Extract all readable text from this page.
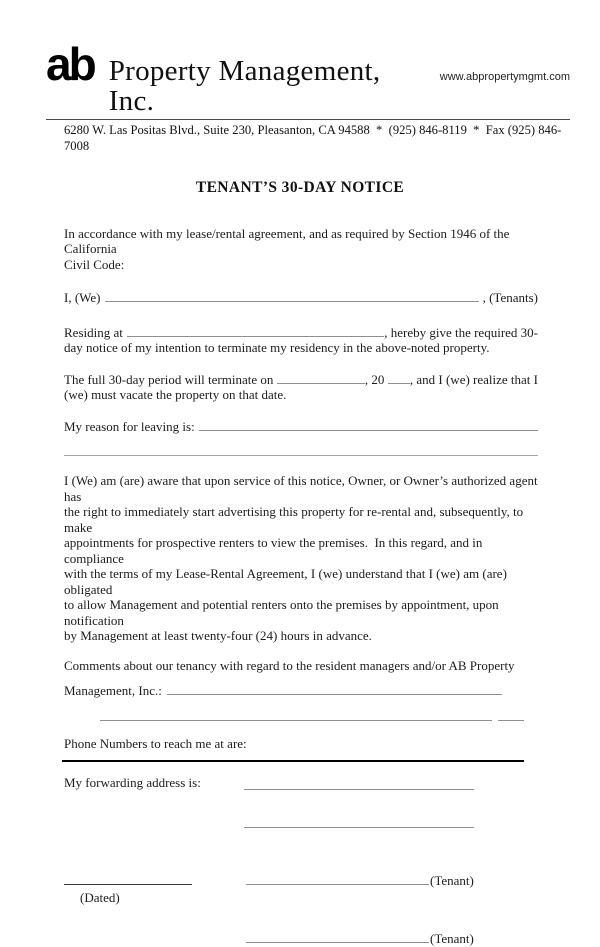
ab Property Management, Inc.
www.abpropertymgmt.com
6280 W. Las Positas Blvd., Suite 230, Pleasanton, CA 94588  *  (925) 846-8119  *  Fax (925) 846-7008
TENANT’S 30-DAY NOTICE
In accordance with my lease/rental agreement, and as required by Section 1946 of the California
Civil Code:
I, (We)	, (Tenants)
Residing at	, hereby give the required 30-
day notice of my intention to terminate my residency in the above-noted property.
The full 30-day period will terminate on	, 20 , and I (we) realize that I
(we) must vacate the property on that date.
My reason for leaving is:
I (We) am (are) aware that upon service of this notice, Owner, or Owner’s authorized agent has
the right to immediately start advertising this property for re-rental and, subsequently, to make
appointments for prospective renters to view the premises.  In this regard, and in compliance
with the terms of my Lease-Rental Agreement, I (we) understand that I (we) am (are) obligated
to allow Management and potential renters onto the premises by appointment, upon notification
by Management at least twenty-four (24) hours in advance.
Comments about our tenancy with regard to the resident managers and/or AB Property
Management, Inc.:
Phone Numbers to reach me at are:
My forwarding address is:
(Tenant)
(Dated)
(Tenant)
